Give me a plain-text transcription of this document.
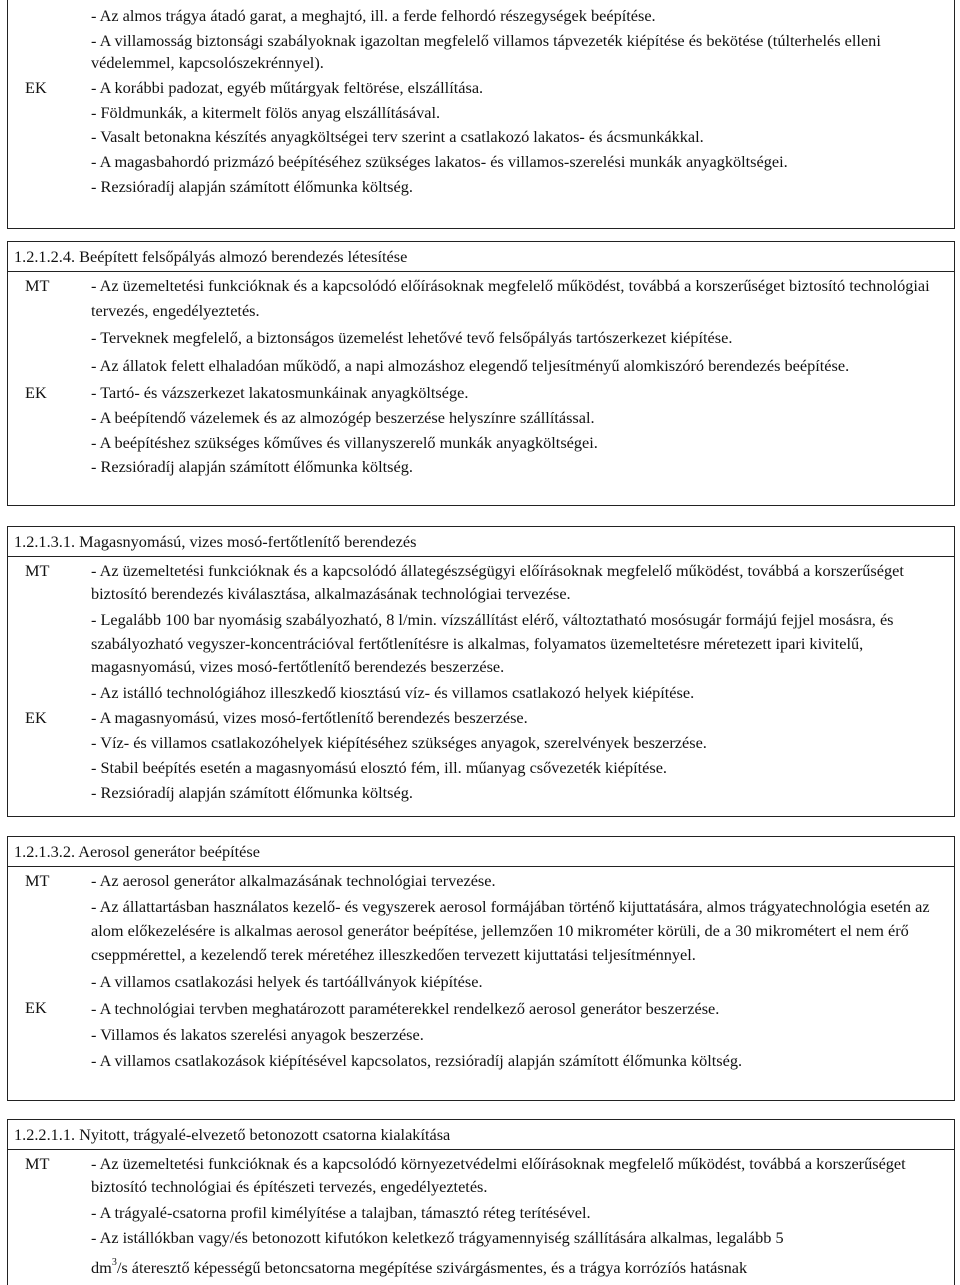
- Az almos trágya átadó garat, a meghajtó, ill. a ferde felhordó részegységek beépítése.
- A villamosság biztonsági szabályoknak igazoltan megfelelő villamos tápvezeték kiépítése és bekötése (túlterhelés elleni védelemmel, kapcsolószekrénnyel).
EK	- A korábbi padozat, egyéb műtárgyak feltörése, elszállítása.
- Földmunkák, a kitermelt fölös anyag elszállításával.
- Vasalt betonakna készítés anyagköltségei terv szerint a csatlakozó lakatos- és ácsmunkákkal.
- A magasbahordó prizmázó beépítéséhez szükséges lakatos- és villamos-szerelési munkák anyagköltségei.
- Rezsióradíj alapján számított élőmunka költség.
1.2.1.2.4. Beépített felsőpályás almozó berendezés létesítése
MT	- Az üzemeltetési funkcióknak és a kapcsolódó előírásoknak megfelelő működést, továbbá a korszerűséget biztosító technológiai tervezés, engedélyeztetés.
- Terveknek megfelelő, a biztonságos üzemelést lehetővé tevő felsőpályás tartószerkezet kiépítése.
- Az állatok felett elhaladóan működő, a napi almozáshoz elegendő teljesítményű alomkiszóró berendezés beépítése.
EK	- Tartó- és vázszerkezet lakatosmunkáinak anyagköltsége.
- A beépítendő vázelemek és az almozógép beszerzése helyszínre szállítással.
- A beépítéshez szükséges kőműves és villanyszerelő munkák anyagköltségei.
- Rezsióradíj alapján számított élőmunka költség.
1.2.1.3.1. Magasnyomású, vizes mosó-fertőtlenítő berendezés
MT	- Az üzemeltetési funkcióknak és a kapcsolódó állategészségügyi előírásoknak megfelelő működést, továbbá a korszerűséget biztosító berendezés kiválasztása, alkalmazásának technológiai tervezése.
- Legalább 100 bar nyomásig szabályozható, 8 l/min. vízszállítást elérő, változtatható mosósugár formájú fejjel mosásra, és szabályozható vegyszer-koncentrációval fertőtlenítésre is alkalmas, folyamatos üzemeltetésre méretezett ipari kivitelű, magasnyomású, vizes mosó-fertőtlenítő berendezés beszerzése.
- Az istálló technológiához illeszkedő kiosztású víz- és villamos csatlakozó helyek kiépítése.
EK	- A magasnyomású, vizes mosó-fertőtlenítő berendezés beszerzése.
- Víz- és villamos csatlakozóhelyek kiépítéséhez szükséges anyagok, szerelvények beszerzése.
- Stabil beépítés esetén a magasnyomású elosztó fém, ill. műanyag csővezeték kiépítése.
- Rezsióradíj alapján számított élőmunka költség.
1.2.1.3.2. Aerosol generátor beépítése
MT	- Az aerosol generátor alkalmazásának technológiai tervezése.
- Az állattartásban használatos kezelő- és vegyszerek aerosol formájában történő kijuttatására, almos trágyatechnológia esetén az alom előkezelésére is alkalmas aerosol generátor beépítése, jellemzően 10 mikrométer körüli, de a 30 mikrométert el nem érő cseppmérettel, a kezelendő terek méretéhez illeszkedően tervezett kijuttatási teljesítménnyel.
- A villamos csatlakozási helyek és tartóállványok kiépítése.
EK	- A technológiai tervben meghatározott paraméterekkel rendelkező aerosol generátor beszerzése.
- Villamos és lakatos szerelési anyagok beszerzése.
- A villamos csatlakozások kiépítésével kapcsolatos, rezsióradíj alapján számított élőmunka költség.
1.2.2.1.1. Nyitott, trágyalé-elvezető betonozott csatorna kialakítása
MT	- Az üzemeltetési funkcióknak és a kapcsolódó környezetvédelmi előírásoknak megfelelő működést, továbbá a korszerűséget biztosító technológiai és építészeti tervezés, engedélyeztetés.
- A trágyalé-csatorna profil kimélyítése a talajban, támasztó réteg terítésével.
- Az istállókban vagy/és betonozott kifutókon keletkező trágyamennyiség szállítására alkalmas, legalább 5
$dm^3/s$ áteresztő képességű betoncsatorna megépítése szivárgásmentes, és a trágya korrózíós hatásnak
